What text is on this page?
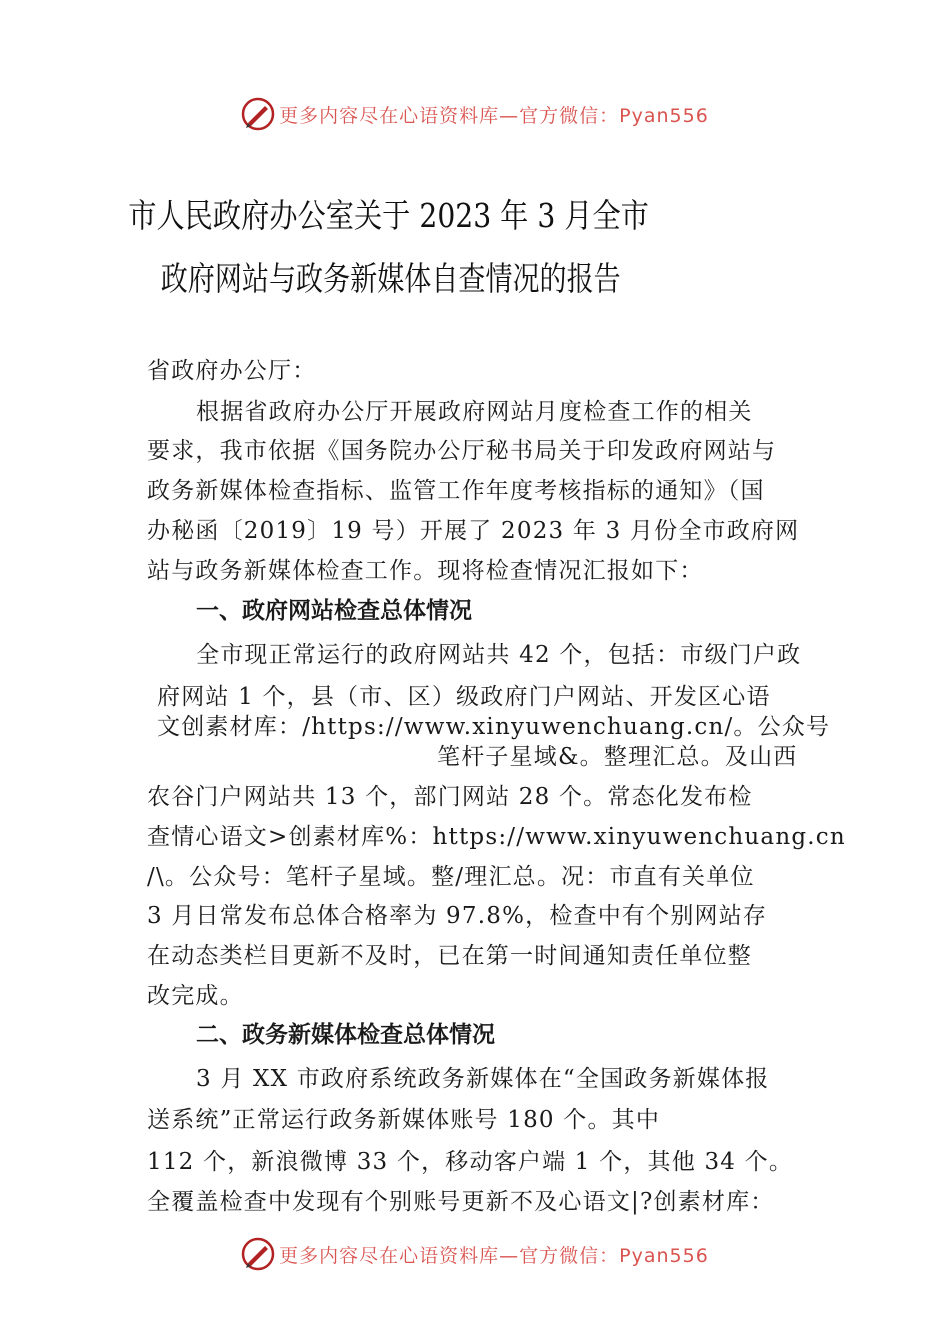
更多内容尽在心语资料库—官方微信：Pyan556
市人民政府办公室关于 2023 年 3 月全市
政府网站与政务新媒体自查情况的报告
省政府办公厅：
根据省政府办公厅开展政府网站月度检查工作的相关
要求，我市依据《国务院办公厅秘书局关于印发政府网站与
政务新媒体检查指标、监管工作年度考核指标的通知》（国
办秘函〔2019〕19 号）开展了 2023 年 3 月份全市政府网
站与政务新媒体检查工作。现将检查情况汇报如下：
一、政府网站检查总体情况
全市现正常运行的政府网站共 42 个，包括：市级门户政
府网站 1 个，县（市、区）级政府门户网站、开发区心语
文创素材库：/https://www.xinyuwenchuang.cn/。公众号
笔杆子星域&。整理汇总。及山西
农谷门户网站共 13 个，部门网站 28 个。常态化发布检
查情心语文>创素材库%：https://www.xinyuwenchuang.cn
/\。公众号：笔杆子星域。整/理汇总。况：市直有关单位
3 月日常发布总体合格率为 97.8%，检查中有个别网站存
在动态类栏目更新不及时，已在第一时间通知责任单位整
改完成。
二、政务新媒体检查总体情况
3 月 XX 市政府系统政务新媒体在“全国政务新媒体报
送系统”正常运行政务新媒体账号 180 个。其中
112 个，新浪微博 33 个，移动客户端 1 个，其他 34 个。
全覆盖检查中发现有个别账号更新不及心语文|?创素材库：
更多内容尽在心语资料库—官方微信：Pyan556
